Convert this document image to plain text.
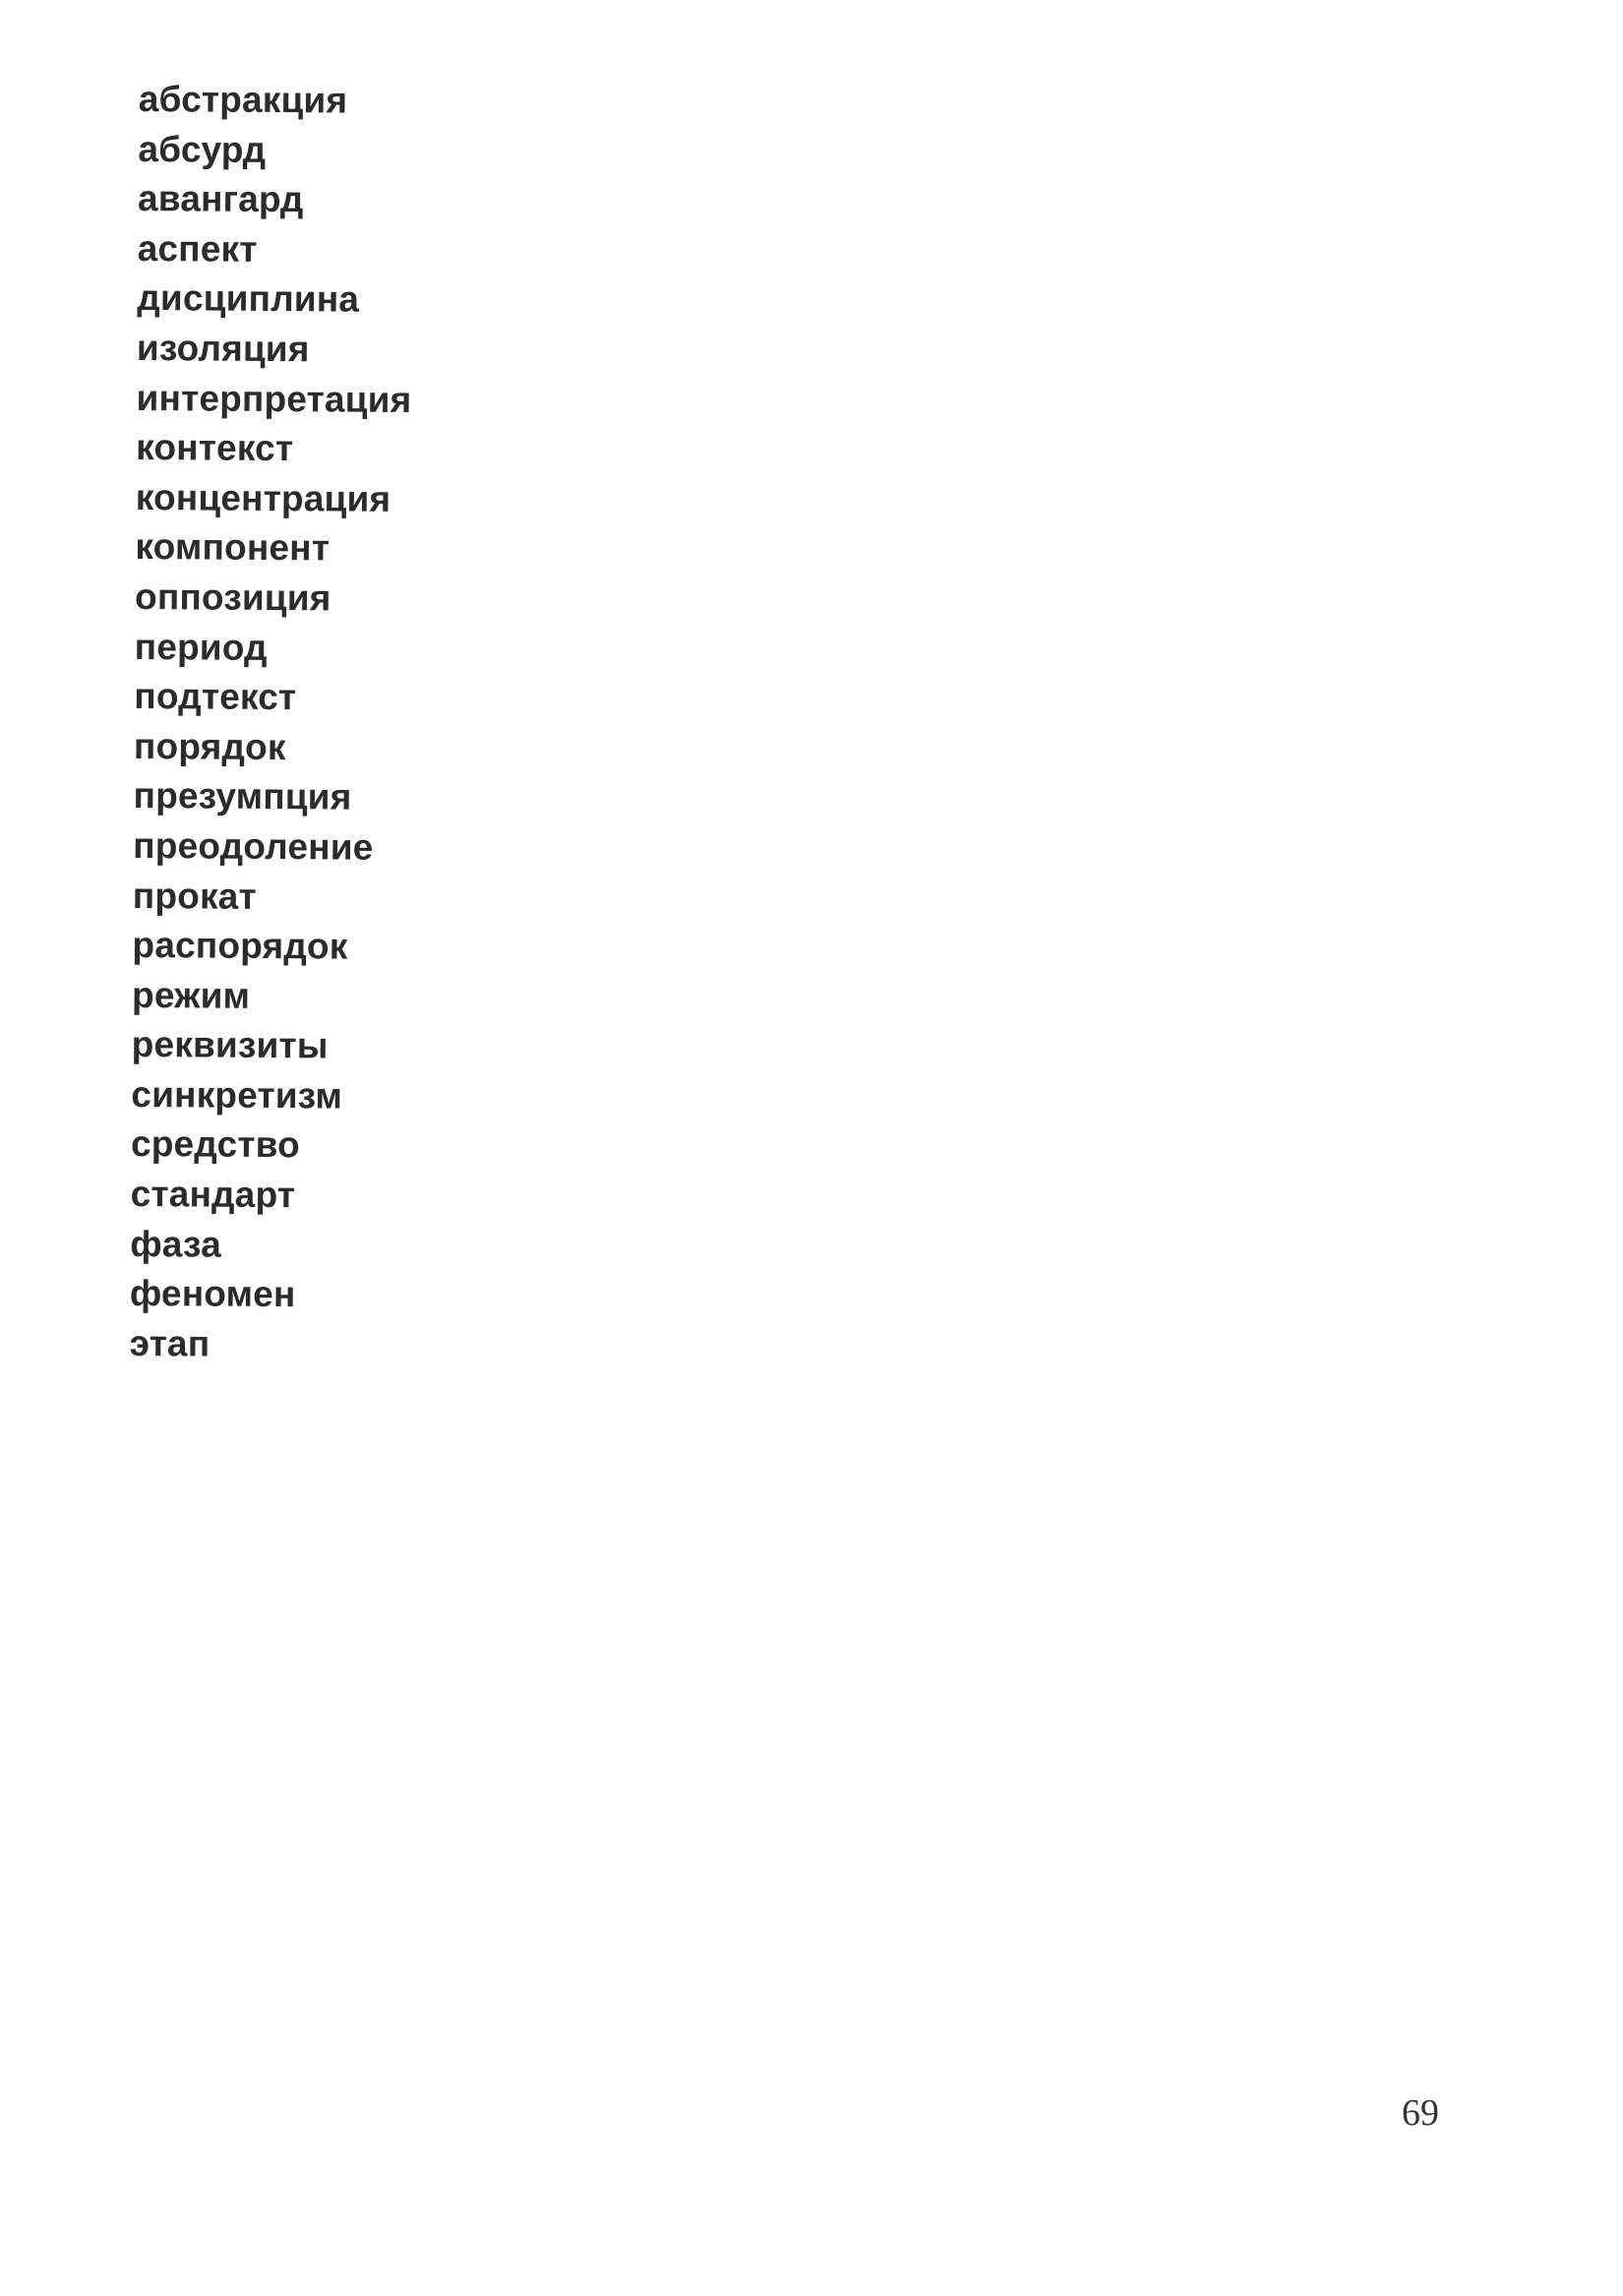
абстракция
абсурд
авангард
аспект
дисциплина
изоляция
интерпретация
контекст
концентрация
компонент
оппозиция
период
подтекст
порядок
презумпция
преодоление
прокат
распорядок
режим
реквизиты
синкретизм
средство
стандарт
фаза
феномен
этап
69
